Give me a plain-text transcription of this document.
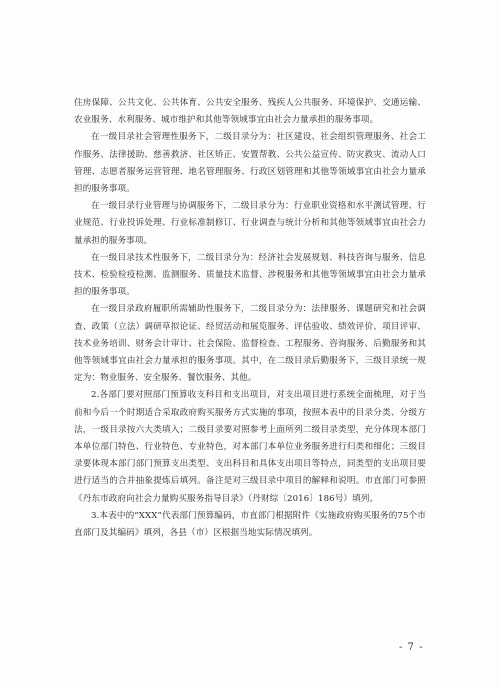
住房保障、公共文化、公共体育、公共安全服务、残疾人公共服务、环境保护、交通运输、农业服务、水利服务、城市维护和其他等领域事宜由社会力量承担的服务事项。

在一级目录社会管理性服务下，二级目录分为：社区建设、社会组织管理服务、社会工作服务、法律援助、慈善救济、社区矫正、安置帮教、公共公益宣传、防灾救灾、流动人口管理、志愿者服务运营管理、地名管理服务、行政区划管理和其他等领域事宜由社会力量承担的服务事项。

在一级目录行业管理与协调服务下，二级目录分为：行业职业资格和水平测试管理、行业规范、行业投诉处理、行业标准制修订、行业调查与统计分析和其他等领域事宜由社会力量承担的服务事项。

在一级目录技术性服务下，二级目录分为：经济社会发展规划、科技咨询与服务、信息技术、检验检疫检测、监测服务、质量技术监督、涉税服务和其他等领域事宜由社会力量承担的服务事项。

在一级目录政府履职所需辅助性服务下，二级目录分为：法律服务、课题研究和社会调查、政策（立法）调研草拟论证、经贸活动和展览服务、评估验收、绩效评价、项目评审、技术业务培训、财务会计审计、社会保险、监督检查、工程服务、咨询服务、后勤服务和其他等领域事宜由社会力量承担的服务事项。其中，在二级目录后勤服务下，三级目录统一规定为：物业服务、安全服务、餐饮服务、其他。

2.各部门要对照部门预算收支科目和支出项目，对支出项目进行系统全面梳理，对于当前和今后一个时期适合采取政府购买服务方式实施的事项，按照本表中的目录分类、分级方法，一级目录按六大类填入；二级目录要对照参考上面所列二级目录类型，充分体现本部门本单位部门特色、行业特色、专业特色，对本部门本单位业务服务进行归类和细化；三级目录要体现本部门部门预算支出类型、支出科目和具体支出项目等特点，同类型的支出项目要进行适当的合并抽象提炼后填列。备注是对三级目录中项目的解释和说明。市直部门可参照《丹东市政府向社会力量购买服务指导目录》（丹财综〔2016〕186号）填列。

3.本表中的“XXX”代表部门预算编码，市直部门根据附件《实施政府购买服务的75个市直部门及其编码》填列，各县（市）区根据当地实际情况填列。

- 7 -
